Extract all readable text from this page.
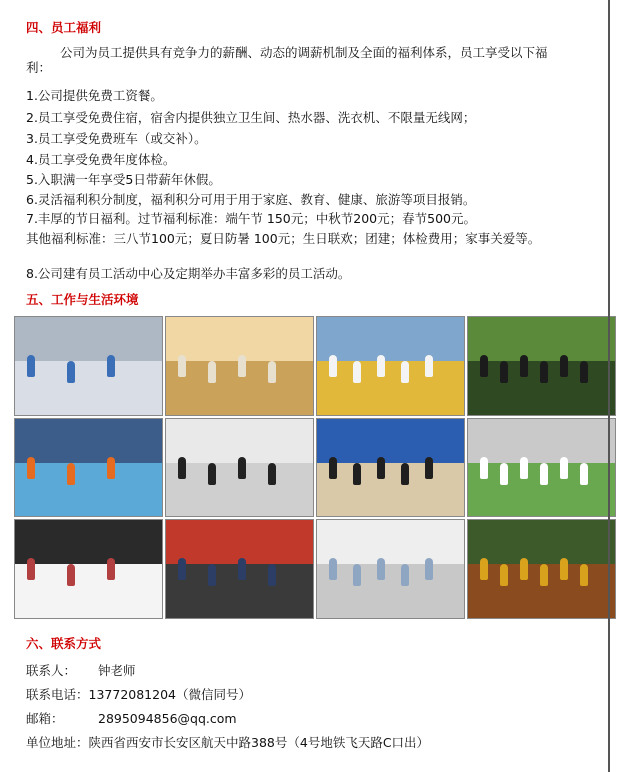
四、员工福利
公司为员工提供具有竞争力的薪酬、动态的调薪机制及全面的福利体系，员工享受以下福利：
1.公司提供免费工资餐。
2.员工享受免费住宿，宿舍内提供独立卫生间、热水器、洗衣机、不限量无线网；
3.员工享受免费班车（或交补）。
4.员工享受免费年度体检。
5.入职满一年享受5日带薪年休假。
6.灵活福利积分制度，福利积分可用于用于家庭、教育、健康、旅游等项目报销。
7.丰厚的节日福利。过节福利标准：端午节 150元；中秋节200元；春节500元。
其他福利标准：三八节100元；夏日防暑 100元；生日联欢；团建；体检费用；家事关爱等。
8.公司建有员工活动中心及定期举办丰富多彩的员工活动。
五、工作与生活环境
六、联系方式
联系人： 钟老师
联系电话：13772081204（微信同号）
邮箱：	2895094856@qq.com
单位地址：陕西省西安市长安区航天中路388号（4号地铁飞天路C口出）
